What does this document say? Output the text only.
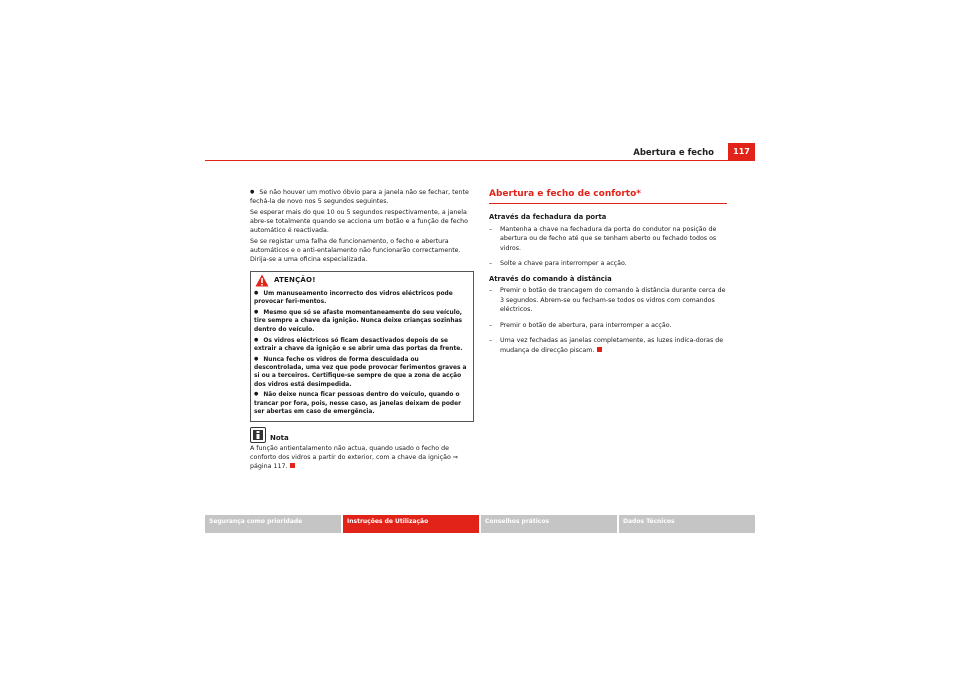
Abertura e fecho	117

● Se não houver um motivo óbvio para a janela não se fechar, tente fechá-la de novo nos 5 segundos seguintes.

Se esperar mais do que 10 ou 5 segundos respectivamente, a janela abre-se totalmente quando se acciona um botão e a função de fecho automático é reactivada.

Se se registar uma falha de funcionamento, o fecho e abertura automáticos e o anti-entalamento não funcionarão correctamente. Dirija-se a uma oficina especializada.

ATENÇÃO!

● Um manuseamento incorrecto dos vidros eléctricos pode provocar feri-mentos.

● Mesmo que só se afaste momentaneamente do seu veículo, tire sempre a chave da ignição. Nunca deixe crianças sozinhas dentro do veículo.

● Os vidros eléctricos só ficam desactivados depois de se extrair a chave da ignição e se abrir uma das portas da frente.

● Nunca feche os vidros de forma descuidada ou descontrolada, uma vez que pode provocar ferimentos graves a si ou a terceiros. Certifique-se sempre de que a zona de acção dos vidros está desimpedida.

● Não deixe nunca ficar pessoas dentro do veículo, quando o trancar por fora, pois, nesse caso, as janelas deixam de poder ser abertas em caso de emergência.

Nota

A função antientalamento não actua, quando usado o fecho de conforto dos vidros a partir do exterior, com a chave da ignição ⇒ página 117.

Abertura e fecho de conforto*
Através da fechadura da porta
–	Mantenha a chave na fechadura da porta do condutor na posição de abertura ou de fecho até que se tenham aberto ou fechado todos os vidros.
–	Solte a chave para interromper a acção.
Através do comando à distância
–	Premir o botão de trancagem do comando à distância durante cerca de 3 segundos. Abrem-se ou fecham-se todos os vidros com comandos eléctricos.
–	Premir o botão de abertura, para interromper a acção.
–	Uma vez fechadas as janelas completamente, as luzes indica-doras de mudança de direcção piscam.
Segurança como prioridade	Instruções de Utilização	Conselhos práticos	Dados Técnicos
